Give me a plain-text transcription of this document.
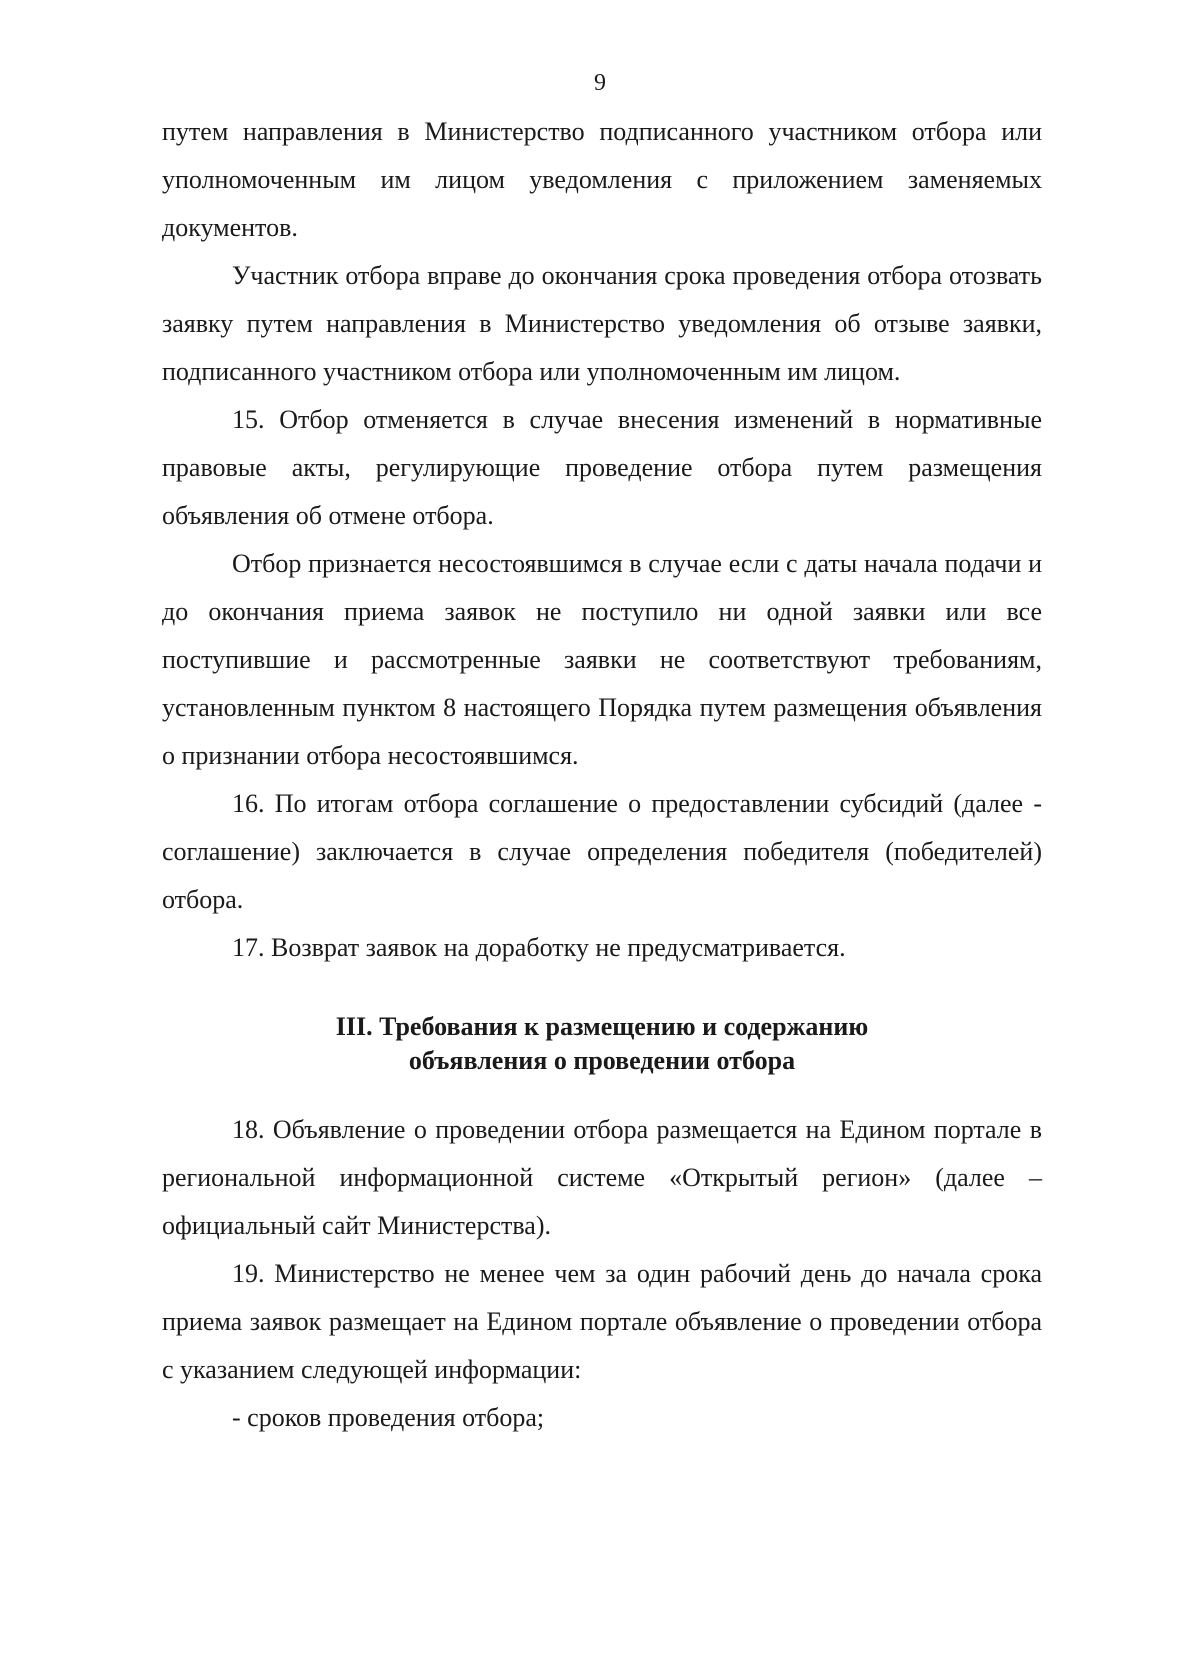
9

путем направления в Министерство подписанного участником отбора или уполномоченным им лицом уведомления с приложением заменяемых документов.

Участник отбора вправе до окончания срока проведения отбора отозвать заявку путем направления в Министерство уведомления об отзыве заявки, подписанного участником отбора или уполномоченным им лицом.

15. Отбор отменяется в случае внесения изменений в нормативные правовые акты, регулирующие проведение отбора путем размещения объявления об отмене отбора.

Отбор признается несостоявшимся в случае если с даты начала подачи и до окончания приема заявок не поступило ни одной заявки или все поступившие и рассмотренные заявки не соответствуют требованиям, установленным пунктом 8 настоящего Порядка путем размещения объявления о признании отбора несостоявшимся.

16. По итогам отбора соглашение о предоставлении субсидий (далее - соглашение) заключается в случае определения победителя (победителей) отбора.

17. Возврат заявок на доработку не предусматривается.

III. Требования к размещению и содержанию
объявления о проведении отбора

18. Объявление о проведении отбора размещается на Едином портале в региональной информационной системе «Открытый регион» (далее – официальный сайт Министерства).

19. Министерство не менее чем за один рабочий день до начала срока приема заявок размещает на Едином портале объявление о проведении отбора с указанием следующей информации:

- сроков проведения отбора;
